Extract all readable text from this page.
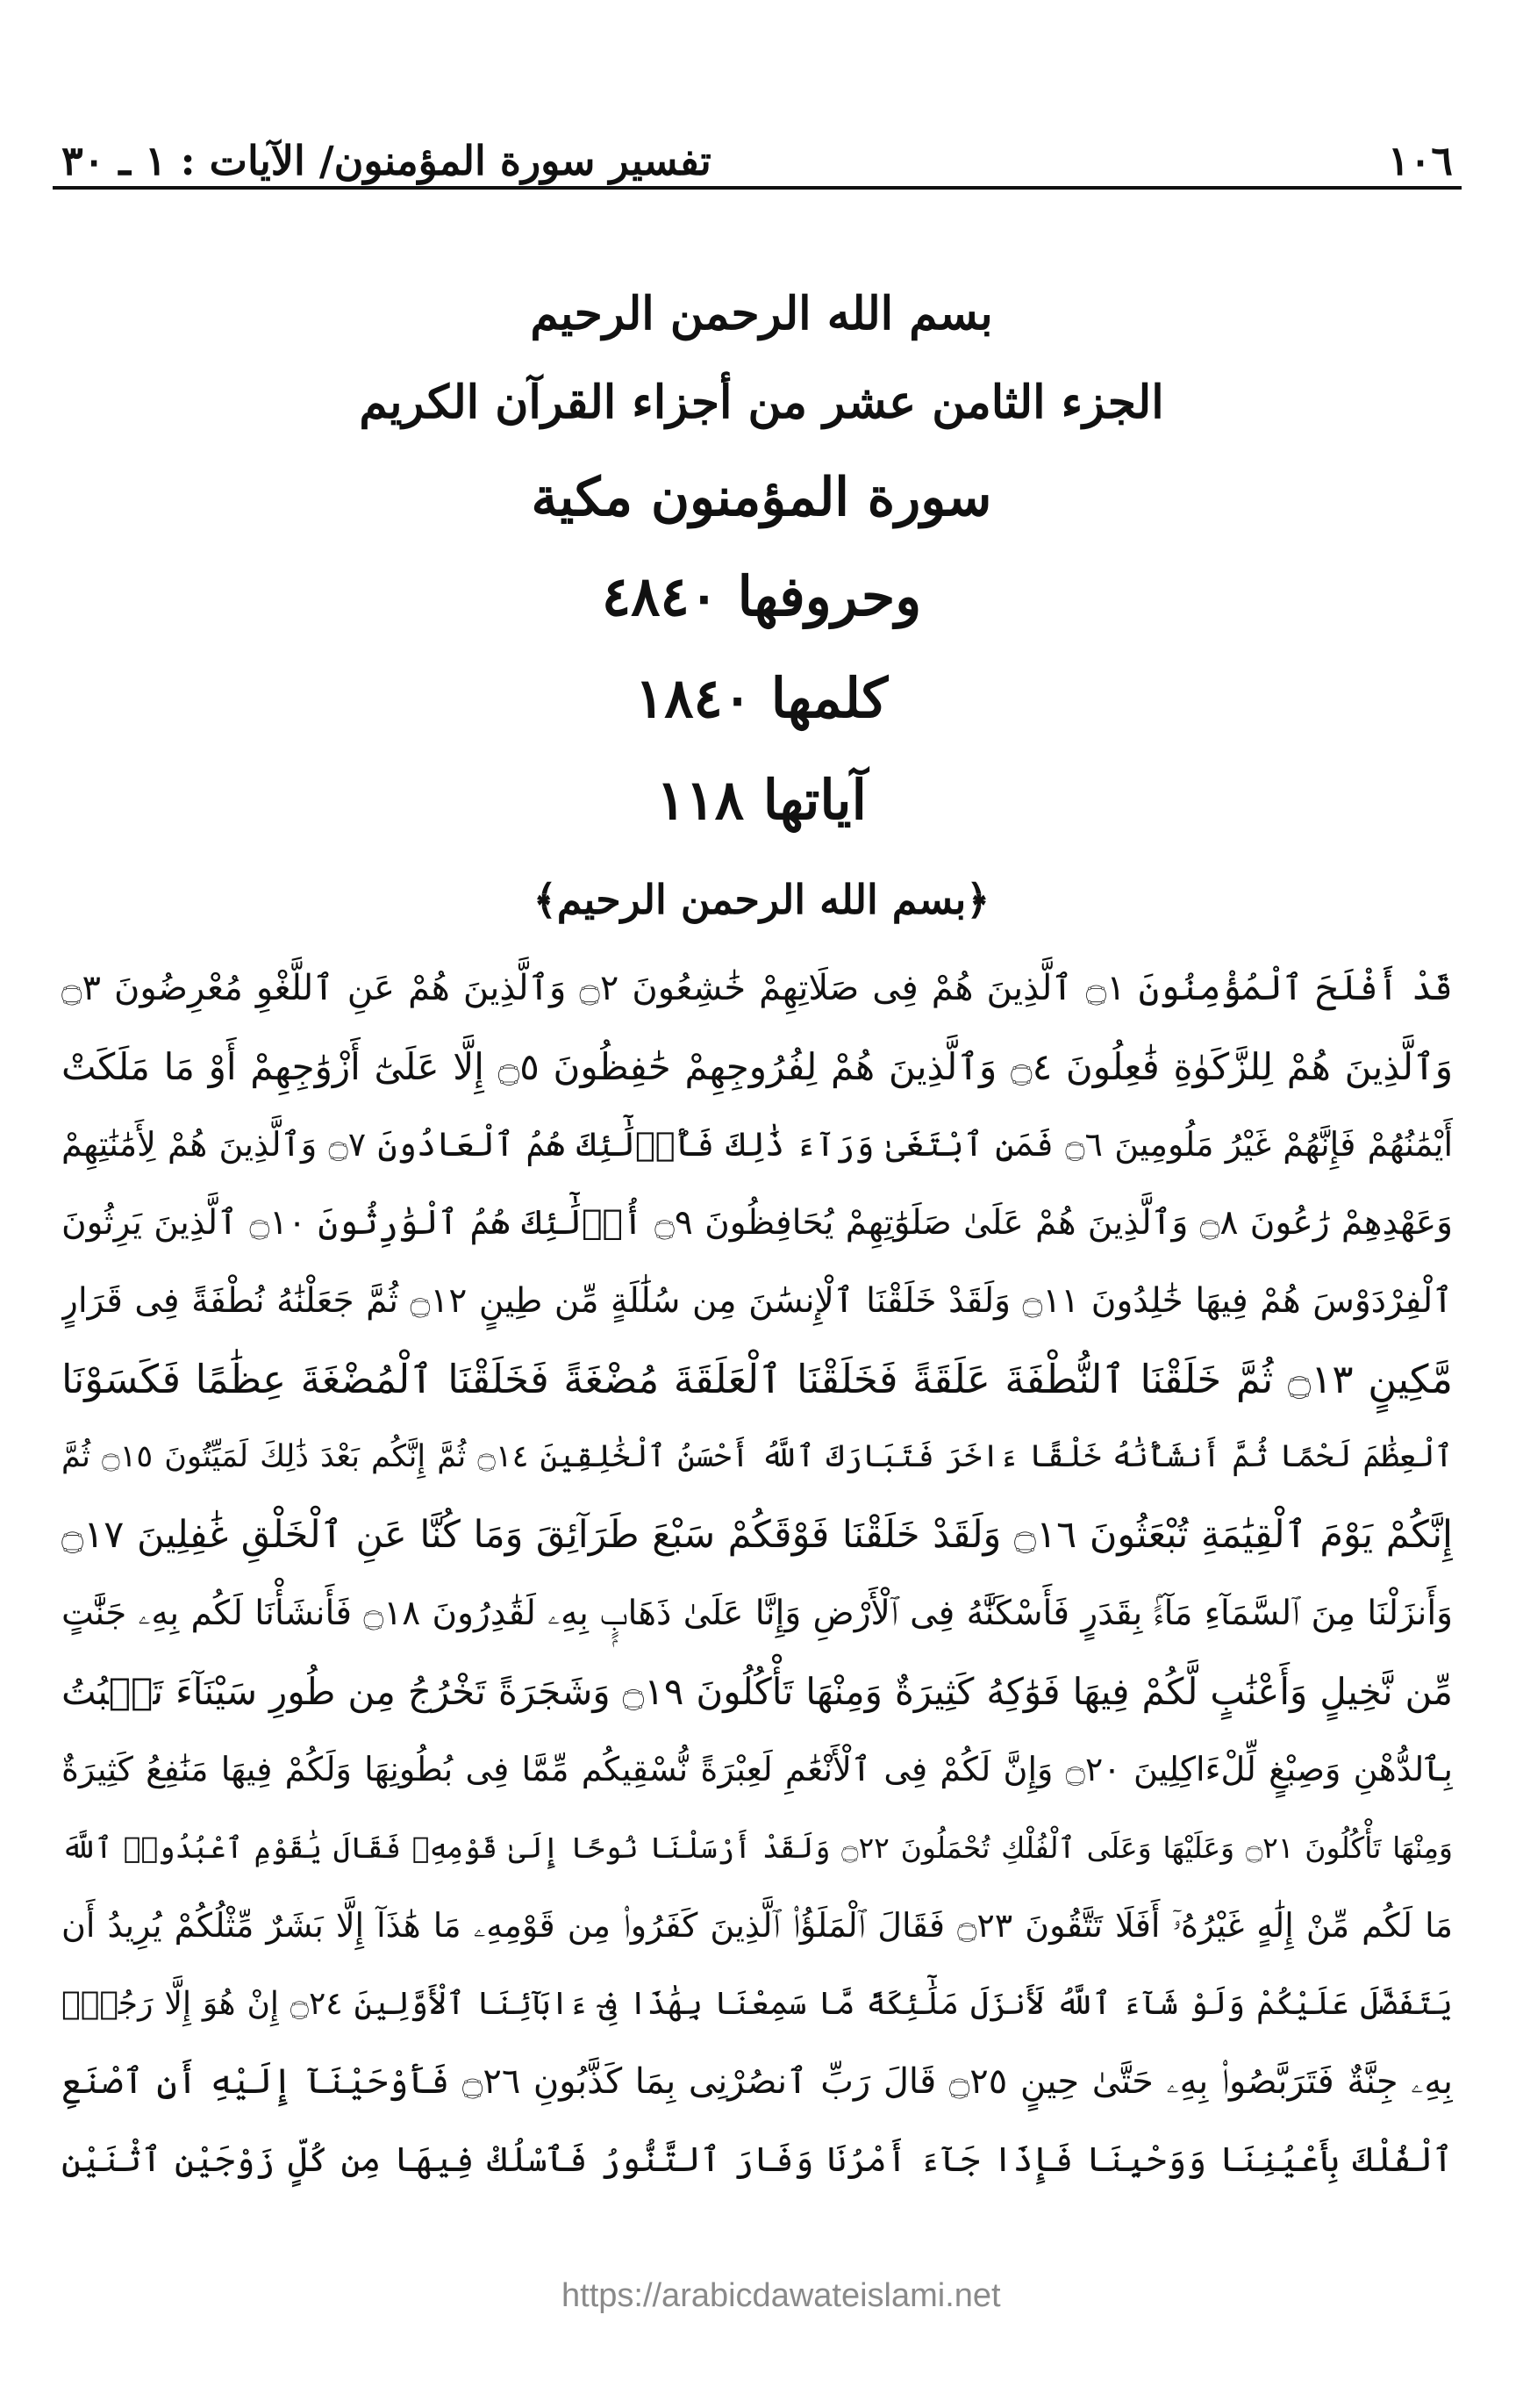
١٠٦
تفسير سورة المؤمنون/ الآيات : ١ ـ ٣٠
بسم الله الرحمن الرحيم
الجزء الثامن عشر من أجزاء القرآن الكريم
سورة المؤمنون مكية
وحروفها ٤٨٤٠
كلمها ١٨٤٠
آياتها ١١٨
﴿بسم الله الرحمن الرحيم﴾
قَدْ أَفْلَحَ ٱلْمُؤْمِنُونَ ۝١ ٱلَّذِينَ هُمْ فِى صَلَاتِهِمْ خَٰشِعُونَ ۝٢ وَٱلَّذِينَ هُمْ عَنِ ٱللَّغْوِ مُعْرِضُونَ ۝٣
وَٱلَّذِينَ هُمْ لِلزَّكَوٰةِ فَٰعِلُونَ ۝٤ وَٱلَّذِينَ هُمْ لِفُرُوجِهِمْ حَٰفِظُونَ ۝٥ إِلَّا عَلَىٰٓ أَزْوَٰجِهِمْ أَوْ مَا مَلَكَتْ
أَيْمَٰنُهُمْ فَإِنَّهُمْ غَيْرُ مَلُومِينَ ۝٦ فَمَنِ ٱبْتَغَىٰ وَرَآءَ ذَٰلِكَ فَأُو۟لَٰٓئِكَ هُمُ ٱلْعَادُونَ ۝٧ وَٱلَّذِينَ هُمْ لِأَمَٰنَٰتِهِمْ
وَعَهْدِهِمْ رَٰعُونَ ۝٨ وَٱلَّذِينَ هُمْ عَلَىٰ صَلَوَٰتِهِمْ يُحَافِظُونَ ۝٩ أُو۟لَٰٓئِكَ هُمُ ٱلْوَٰرِثُونَ ۝١٠ ٱلَّذِينَ يَرِثُونَ
ٱلْفِرْدَوْسَ هُمْ فِيهَا خَٰلِدُونَ ۝١١ وَلَقَدْ خَلَقْنَا ٱلْإِنسَٰنَ مِن سُلَٰلَةٍ مِّن طِينٍ ۝١٢ ثُمَّ جَعَلْنَٰهُ نُطْفَةً فِى قَرَارٍ
مَّكِينٍ ۝١٣ ثُمَّ خَلَقْنَا ٱلنُّطْفَةَ عَلَقَةً فَخَلَقْنَا ٱلْعَلَقَةَ مُضْغَةً فَخَلَقْنَا ٱلْمُضْغَةَ عِظَٰمًا فَكَسَوْنَا
ٱلْعِظَٰمَ لَحْمًا ثُمَّ أَنشَأْنَٰهُ خَلْقًا ءَاخَرَ فَتَبَارَكَ ٱللَّهُ أَحْسَنُ ٱلْخَٰلِقِينَ ۝١٤ ثُمَّ إِنَّكُم بَعْدَ ذَٰلِكَ لَمَيِّتُونَ ۝١٥ ثُمَّ
إِنَّكُمْ يَوْمَ ٱلْقِيَٰمَةِ تُبْعَثُونَ ۝١٦ وَلَقَدْ خَلَقْنَا فَوْقَكُمْ سَبْعَ طَرَآئِقَ وَمَا كُنَّا عَنِ ٱلْخَلْقِ غَٰفِلِينَ ۝١٧
وَأَنزَلْنَا مِنَ ٱلسَّمَآءِ مَآءًۢ بِقَدَرٍ فَأَسْكَنَّٰهُ فِى ٱلْأَرْضِ وَإِنَّا عَلَىٰ ذَهَابٍۭ بِهِۦ لَقَٰدِرُونَ ۝١٨ فَأَنشَأْنَا لَكُم بِهِۦ جَنَّٰتٍ
مِّن نَّخِيلٍ وَأَعْنَٰبٍ لَّكُمْ فِيهَا فَوَٰكِهُ كَثِيرَةٌ وَمِنْهَا تَأْكُلُونَ ۝١٩ وَشَجَرَةً تَخْرُجُ مِن طُورِ سَيْنَآءَ تَنۢبُتُ
بِٱلدُّهْنِ وَصِبْغٍ لِّلْءَاكِلِينَ ۝٢٠ وَإِنَّ لَكُمْ فِى ٱلْأَنْعَٰمِ لَعِبْرَةً نُّسْقِيكُم مِّمَّا فِى بُطُونِهَا وَلَكُمْ فِيهَا مَنَٰفِعُ كَثِيرَةٌ
وَمِنْهَا تَأْكُلُونَ ۝٢١ وَعَلَيْهَا وَعَلَى ٱلْفُلْكِ تُحْمَلُونَ ۝٢٢ وَلَقَدْ أَرْسَلْنَا نُوحًا إِلَىٰ قَوْمِهِۦ فَقَالَ يَٰقَوْمِ ٱعْبُدُوا۟ ٱللَّهَ
مَا لَكُم مِّنْ إِلَٰهٍ غَيْرُهُۥٓ أَفَلَا تَتَّقُونَ ۝٢٣ فَقَالَ ٱلْمَلَؤُا۟ ٱلَّذِينَ كَفَرُوا۟ مِن قَوْمِهِۦ مَا هَٰذَآ إِلَّا بَشَرٌ مِّثْلُكُمْ يُرِيدُ أَن
يَتَفَضَّلَ عَلَيْكُمْ وَلَوْ شَآءَ ٱللَّهُ لَأَنزَلَ مَلَٰٓئِكَةً مَّا سَمِعْنَا بِهَٰذَا فِىٓ ءَابَآئِنَا ٱلْأَوَّلِينَ ۝٢٤ إِنْ هُوَ إِلَّا رَجُلٌۢ
بِهِۦ جِنَّةٌ فَتَرَبَّصُوا۟ بِهِۦ حَتَّىٰ حِينٍ ۝٢٥ قَالَ رَبِّ ٱنصُرْنِى بِمَا كَذَّبُونِ ۝٢٦ فَأَوْحَيْنَآ إِلَيْهِ أَنِ ٱصْنَعِ
ٱلْفُلْكَ بِأَعْيُنِنَا وَوَحْيِنَا فَإِذَا جَآءَ أَمْرُنَا وَفَارَ ٱلتَّنُّورُ فَٱسْلُكْ فِيهَا مِن كُلٍّ زَوْجَيْنِ ٱثْنَيْنِ
https://arabicdawateislami.net
